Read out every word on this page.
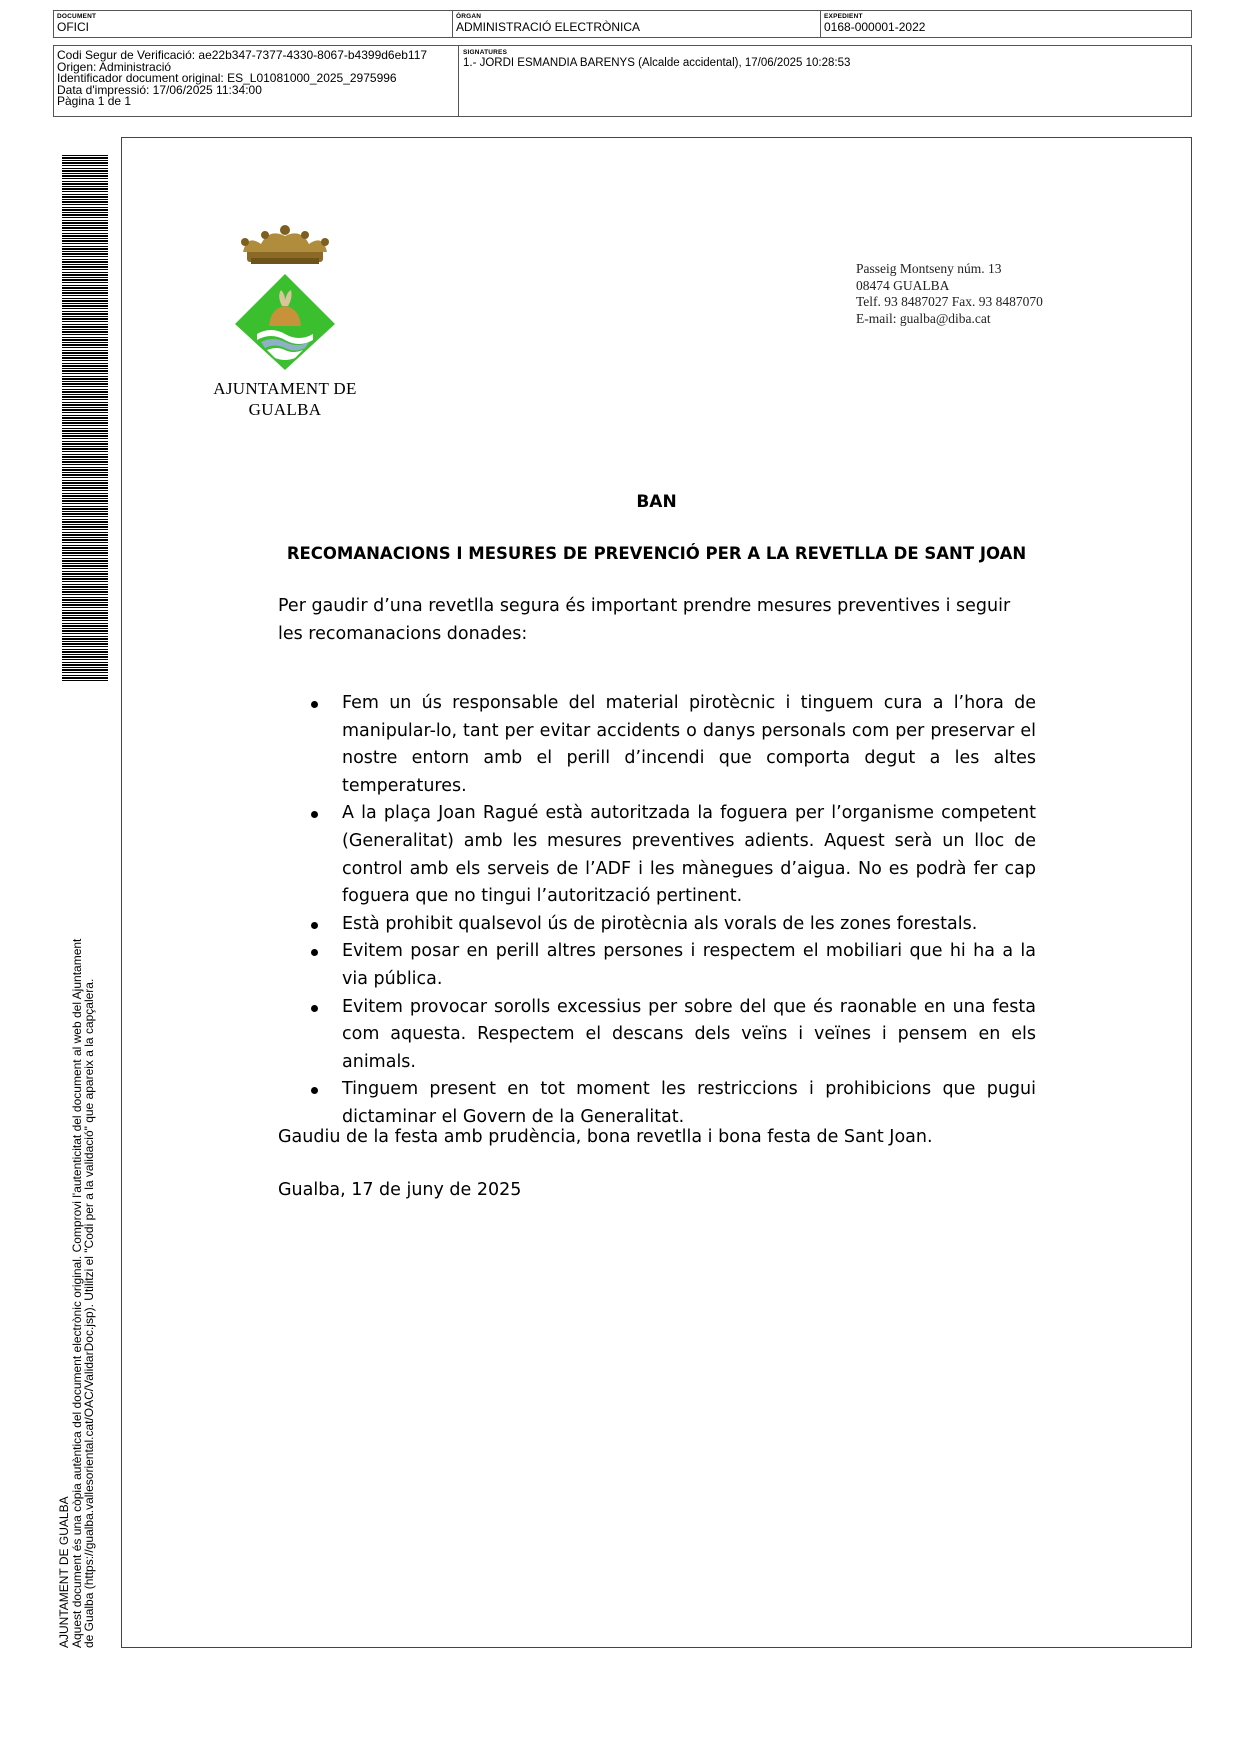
DOCUMENT
OFICI
ÒRGAN
ADMINISTRACIÓ ELECTRÒNICA
EXPEDIENT
0168-000001-2022
Codi Segur de Verificació: ae22b347-7377-4330-8067-b4399d6eb117
Origen: Administració
Identificador document original: ES_L01081000_2025_2975996
Data d'impressió: 17/06/2025 11:34:00
Pàgina 1 de 1
SIGNATURES
1.- JORDI ESMANDIA BARENYS (Alcalde accidental), 17/06/2025 10:28:53
AJUNTAMENT DE GUALBA
Aquest document és una còpia autèntica del document electrònic original. Comprovi l'autenticitat del document al web del Ajuntament
de Gualba (https://gualba.vallesoriental.cat/OAC/ValidarDoc.jsp). Utilitzi el "Codi per a la validació" que apareix a la capçalera.
AJUNTAMENT DE
GUALBA
Passeig Montseny núm. 13
08474 GUALBA
Telf. 93 8487027 Fax. 93 8487070
E-mail: gualba@diba.cat
BAN
RECOMANACIONS I MESURES DE PREVENCIÓ PER A LA REVETLLA DE SANT JOAN
Per gaudir d’una revetlla segura és important prendre mesures preventives i seguir les recomanacions donades:
Fem un ús responsable del material pirotècnic i tinguem cura a l’hora de manipular-lo, tant per evitar accidents o danys personals com per preservar el nostre entorn amb el perill d’incendi que comporta degut a les altes temperatures.
A la plaça Joan Ragué està autoritzada la foguera per l’organisme competent (Generalitat) amb les mesures preventives adients. Aquest serà un lloc de control amb els serveis de l’ADF i les mànegues d’aigua. No es podrà fer cap foguera que no tingui l’autorització pertinent.
Està prohibit qualsevol ús de pirotècnia als vorals de les zones forestals.
Evitem posar en perill altres persones i respectem el mobiliari que hi ha a la via pública.
Evitem provocar sorolls excessius per sobre del que és raonable en una festa com aquesta. Respectem el descans dels veïns i veïnes i pensem en els animals.
Tinguem present en tot moment les restriccions i prohibicions que pugui dictaminar el Govern de la Generalitat.
Gaudiu de la festa amb prudència, bona revetlla i bona festa de Sant Joan.
Gualba, 17 de juny de 2025
